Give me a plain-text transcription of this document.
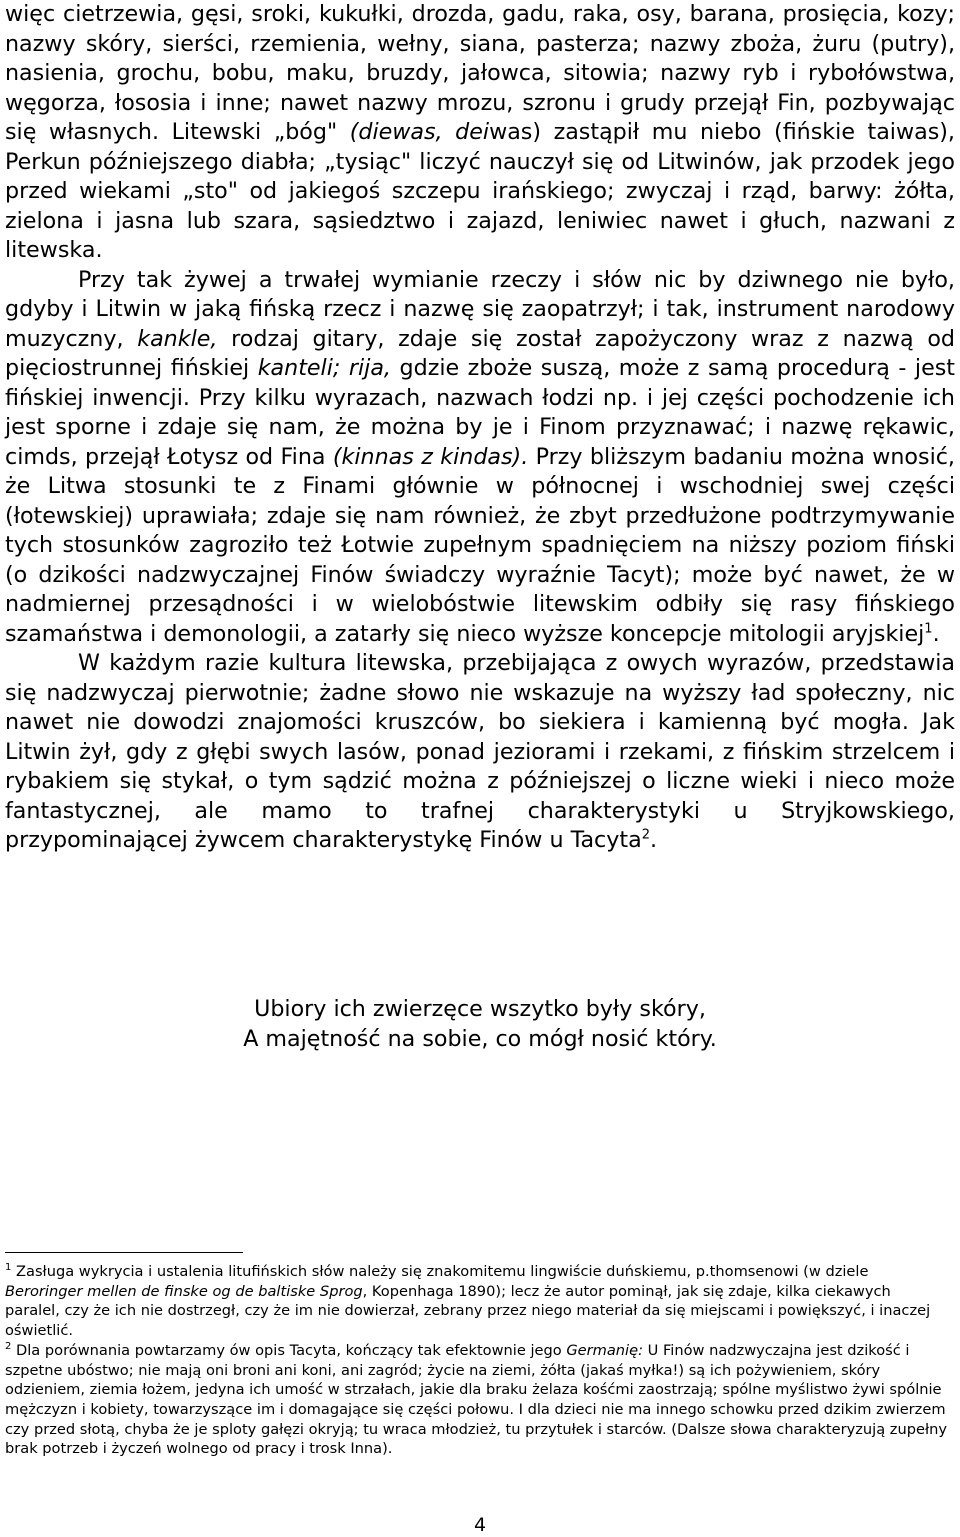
więc cietrzewia, gęsi, sroki, kukułki, drozda, gadu, raka, osy, barana, prosięcia, kozy; nazwy skóry, sierści, rzemienia, wełny, siana, pasterza; nazwy zboża, żuru (putry), nasienia, grochu, bobu, maku, bruzdy, jałowca, sitowia; nazwy ryb i rybołówstwa, węgorza, łososia i inne; nawet nazwy mrozu, szronu i grudy przejął Fin, pozbywając się własnych. Litewski „bóg" (diewas, deiwas) zastąpił mu niebo (fińskie taiwas), Perkun późniejszego diabła; „tysiąc" liczyć nauczył się od Litwinów, jak przodek jego przed wiekami „sto" od jakiegoś szczepu irańskiego; zwyczaj i rząd, barwy: żółta, zielona i jasna lub szara, sąsiedztwo i zajazd, leniwiec nawet i głuch, nazwani z litewska.

Przy tak żywej a trwałej wymianie rzeczy i słów nic by dziwnego nie było, gdyby i Litwin w jaką fińską rzecz i nazwę się zaopatrzył; i tak, instrument narodowy muzyczny, kankle, rodzaj gitary, zdaje się został zapożyczony wraz z nazwą od pięciostrunnej fińskiej kanteli; rija, gdzie zboże suszą, może z samą procedurą - jest fińskiej inwencji. Przy kilku wyrazach, nazwach łodzi np. i jej części pochodzenie ich jest sporne i zdaje się nam, że można by je i Finom przyznawać; i nazwę rękawic, cimds, przejął Łotysz od Fina (kinnas z kindas). Przy bliższym badaniu można wnosić, że Litwa stosunki te z Finami głównie w północnej i wschodniej swej części (łotewskiej) uprawiała; zdaje się nam również, że zbyt przedłużone podtrzymywanie tych stosunków zagroziło też Łotwie zupełnym spadnięciem na niższy poziom fiński (o dzikości nadzwyczajnej Finów świadczy wyraźnie Tacyt); może być nawet, że w nadmiernej przesądności i w wielobóstwie litewskim odbiły się rasy fińskiego szamaństwa i demonologii, a zatarły się nieco wyższe koncepcje mitologii aryjskiej$^1$.

W każdym razie kultura litewska, przebijająca z owych wyrazów, przedstawia się nadzwyczaj pierwotnie; żadne słowo nie wskazuje na wyższy ład społeczny, nic nawet nie dowodzi znajomości kruszców, bo siekiera i kamienną być mogła. Jak Litwin żył, gdy z głębi swych lasów, ponad jeziorami i rzekami, z fińskim strzelcem i rybakiem się stykał, o tym sądzić można z późniejszej o liczne wieki i nieco może fantastycznej, ale mamo to trafnej charakterystyki u Stryjkowskiego, przypominającej żywcem charakterystykę Finów u Tacyta$^2$.

Ubiory ich zwierzęce wszytko były skóry,

A majętność na sobie, co mógł nosić który.

$^1$ Zasługa wykrycia i ustalenia litufińskich słów należy się znakomitemu lingwiście duńskiemu, p.thomsenowi (w dziele Beroringer mellen de finske og de baltiske Sprog, Kopenhaga 1890); lecz że autor pominął, jak się zdaje, kilka ciekawych paralel, czy że ich nie dostrzegł, czy że im nie dowierzał, zebrany przez niego materiał da się miejscami i powiększyć, i inaczej oświetlić.

$^2$ Dla porównania powtarzamy ów opis Tacyta, kończący tak efektownie jego Germanię: U Finów nadzwyczajna jest dzikość i szpetne ubóstwo; nie mają oni broni ani koni, ani zagród; życie na ziemi, żółta (jakaś myłka!) są ich pożywieniem, skóry odzieniem, ziemia łożem, jedyna ich umość w strzałach, jakie dla braku żelaza kośćmi zaostrzają; spólne myślistwo żywi spólnie mężczyzn i kobiety, towarzyszące im i domagające się części połowu. I dla dzieci nie ma innego schowku przed dzikim zwierzem czy przed słotą, chyba że je sploty gałęzi okryją; tu wraca młodzież, tu przytułek i starców. (Dalsze słowa charakteryzują zupełny brak potrzeb i życzeń wolnego od pracy i trosk Inna).

4
